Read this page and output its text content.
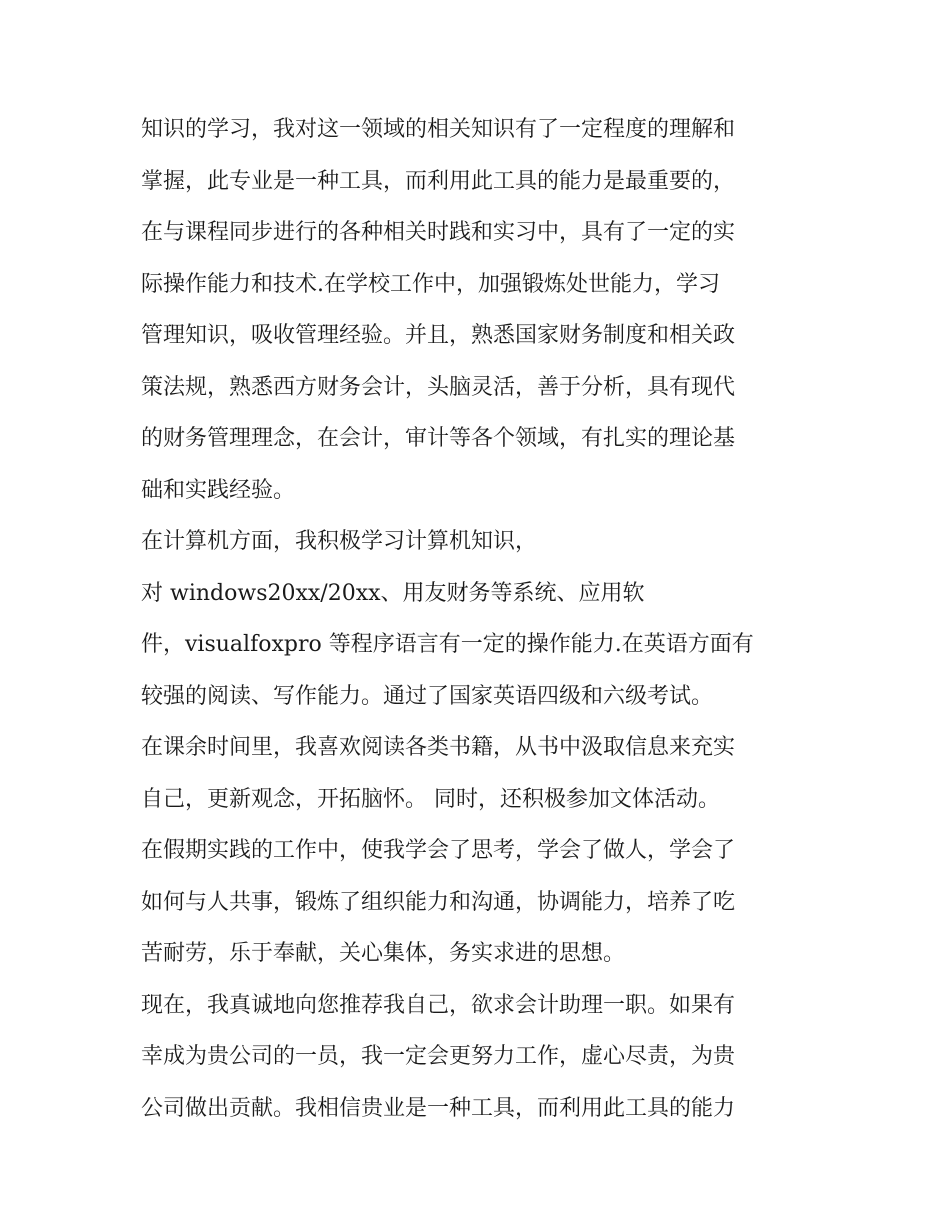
知识的学习，我对这一领域的相关知识有了一定程度的理解和
掌握，此专业是一种工具，而利用此工具的能力是最重要的，
在与课程同步进行的各种相关时践和实习中，具有了一定的实
际操作能力和技术.在学校工作中，加强锻炼处世能力，学习
管理知识，吸收管理经验。并且，熟悉国家财务制度和相关政
策法规，熟悉西方财务会计，头脑灵活，善于分析，具有现代
的财务管理理念，在会计，审计等各个领域，有扎实的理论基
础和实践经验。
在计算机方面，我积极学习计算机知识，
对 windows20xx/20xx、用友财务等系统、应用软
件，visualfoxpro 等程序语言有一定的操作能力.在英语方面有
较强的阅读、写作能力。通过了国家英语四级和六级考试。
在课余时间里，我喜欢阅读各类书籍，从书中汲取信息来充实
自己，更新观念，开拓脑怀。 同时，还积极参加文体活动。
在假期实践的工作中，使我学会了思考，学会了做人，学会了
如何与人共事，锻炼了组织能力和沟通，协调能力，培养了吃
苦耐劳，乐于奉献，关心集体，务实求进的思想。
现在，我真诚地向您推荐我自己，欲求会计助理一职。如果有
幸成为贵公司的一员，我一定会更努力工作，虚心尽责，为贵
公司做出贡献。我相信贵业是一种工具，而利用此工具的能力
